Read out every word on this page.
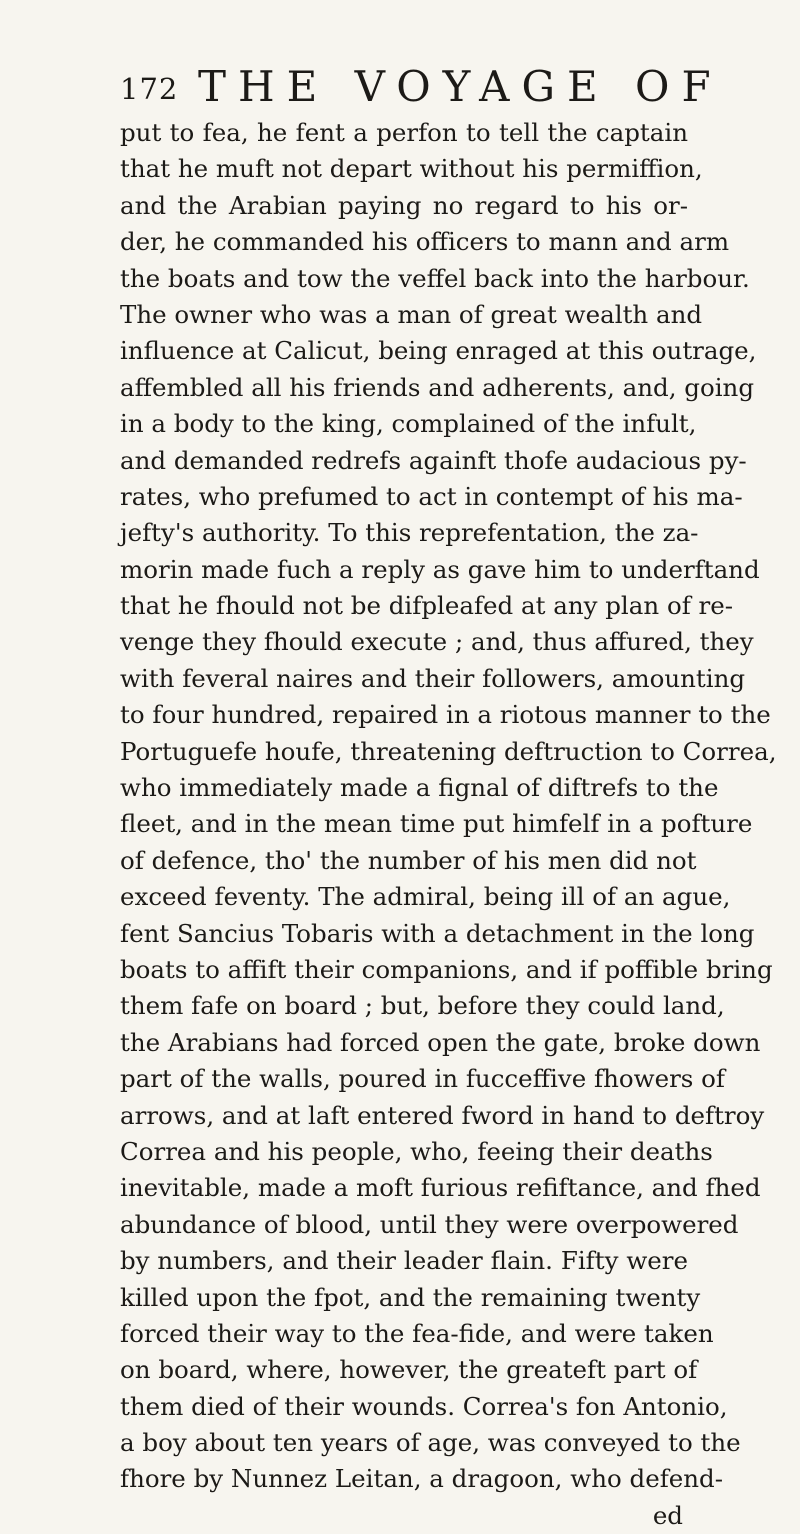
172 THE VOYAGE OF
put to fea, he fent a perfon to tell the captain
that he muft not depart without his permiffion,
and the Arabian paying no regard to his or-
der, he commanded his officers to mann and arm
the boats and tow the veffel back into the harbour.
The owner who was a man of great wealth and
influence at Calicut, being enraged at this outrage,
affembled all his friends and adherents, and, going
in a body to the king, complained of the infult,
and demanded redrefs againft thofe audacious py-
rates, who prefumed to act in contempt of his ma-
jefty's authority. To this reprefentation, the za-
morin made fuch a reply as gave him to underftand
that he fhould not be difpleafed at any plan of re-
venge they fhould execute ; and, thus affured, they
with feveral naires and their followers, amounting
to four hundred, repaired in a riotous manner to the
Portuguefe houfe, threatening deftruction to Correa,
who immediately made a fignal of diftrefs to the
fleet, and in the mean time put himfelf in a pofture
of defence, tho' the number of his men did not
exceed feventy. The admiral, being ill of an ague,
fent Sancius Tobaris with a detachment in the long
boats to affift their companions, and if poffible bring
them fafe on board ; but, before they could land,
the Arabians had forced open the gate, broke down
part of the walls, poured in fucceffive fhowers of
arrows, and at laft entered fword in hand to deftroy
Correa and his people, who, feeing their deaths
inevitable, made a moft furious refiftance, and fhed
abundance of blood, until they were overpowered
by numbers, and their leader flain. Fifty were
killed upon the fpot, and the remaining twenty
forced their way to the fea-fide, and were taken
on board, where, however, the greateft part of
them died of their wounds. Correa's fon Antonio,
a boy about ten years of age, was conveyed to the
fhore by Nunnez Leitan, a dragoon, who defend-
ed
